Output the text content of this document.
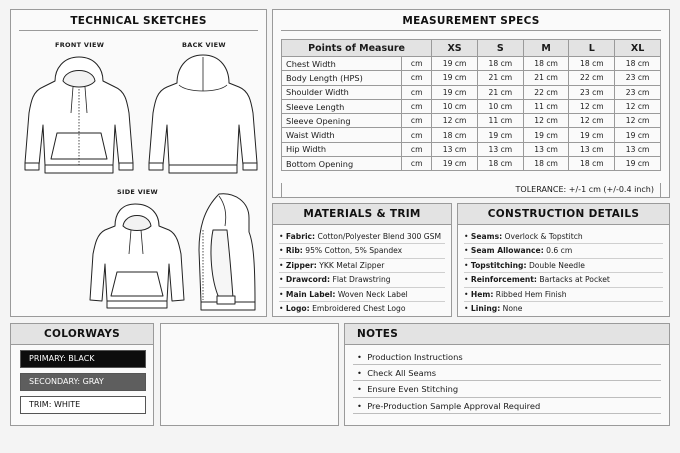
TECHNICAL SKETCHES
FRONT VIEW	BACK VIEW
SIDE VIEW
MEASUREMENT SPECS
Points of Measure		XS	S	M	L	XL
Chest Width	cm	19 cm	18 cm	18 cm	18 cm	18 cm
Body Length (HPS)	cm	19 cm	21 cm	21 cm	22 cm	23 cm
Shoulder Width	cm	19 cm	21 cm	22 cm	23 cm	23 cm
Sleeve Length	cm	10 cm	10 cm	11 cm	12 cm	12 cm
Sleeve Opening	cm	12 cm	11 cm	12 cm	12 cm	12 cm
Waist Width	cm	18 cm	19 cm	19 cm	19 cm	19 cm
Hip Width	cm	13 cm	13 cm	13 cm	13 cm	13 cm
Bottom Opening	cm	19 cm	18 cm	18 cm	18 cm	19 cm
TOLERANCE: +/-1 cm (+/-0.4 inch)
MATERIALS & TRIM
• Fabric: Cotton/Polyester Blend 300 GSM
• Rib: 95% Cotton, 5% Spandex
• Zipper: YKK Metal Zipper
• Drawcord: Flat Drawstring
• Main Label: Woven Neck Label
• Logo: Embroidered Chest Logo
CONSTRUCTION DETAILS
• Seams: Overlock & Topstitch
• Seam Allowance: 0.6 cm
• Topstitching: Double Needle
• Reinforcement: Bartacks at Pocket
• Hem: Ribbed Hem Finish
• Lining: None
COLORWAYS
PRIMARY: BLACK
SECONDARY: GRAY
TRIM: WHITE
NOTES
• Production Instructions
• Check All Seams
• Ensure Even Stitching
• Pre-Production Sample Approval Required
